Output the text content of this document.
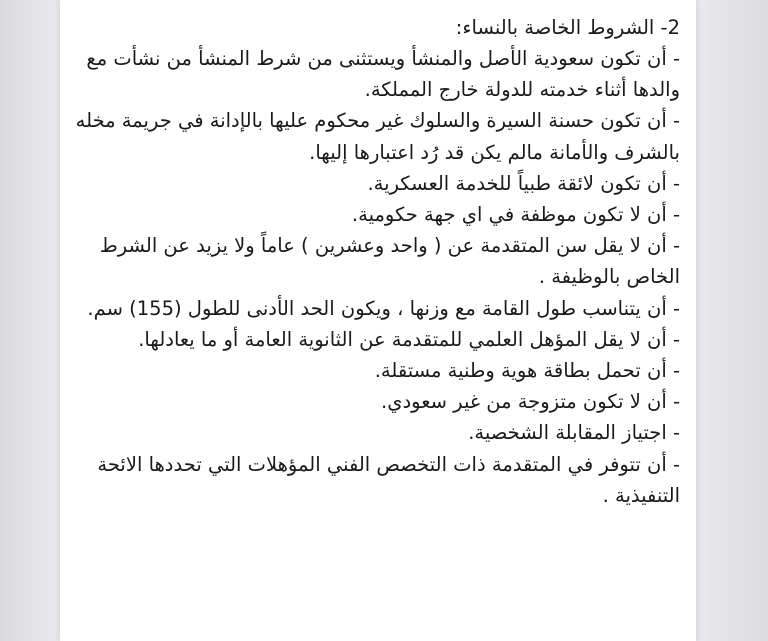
2- الشروط الخاصة بالنساء:

- أن تكون سعودية الأصل والمنشأ ويستثنى من شرط المنشأ من نشأت مع والدها أثناء خدمته للدولة خارج المملكة.

- أن تكون حسنة السيرة والسلوك غير محكوم عليها بالإدانة في جريمة مخله بالشرف والأمانة مالم يكن قد رُد اعتبارها إليها.

- أن تكون لائقة طبياً للخدمة العسكرية.

- أن لا تكون موظفة في اي جهة حكومية.

- أن لا يقل سن المتقدمة عن ( واحد وعشرين ) عاماً ولا يزيد عن الشرط الخاص بالوظيفة .

- أن يتناسب طول القامة مع وزنها ، ويكون الحد الأدنى للطول (155) سم.

- أن لا يقل المؤهل العلمي للمتقدمة عن الثانوية العامة أو ما يعادلها.

- أن تحمل بطاقة هوية وطنية مستقلة.

- أن لا تكون متزوجة من غير سعودي.

- اجتياز المقابلة الشخصية.

- أن تتوفر في المتقدمة ذات التخصص الفني المؤهلات التي تحددها الائحة التنفيذية .
